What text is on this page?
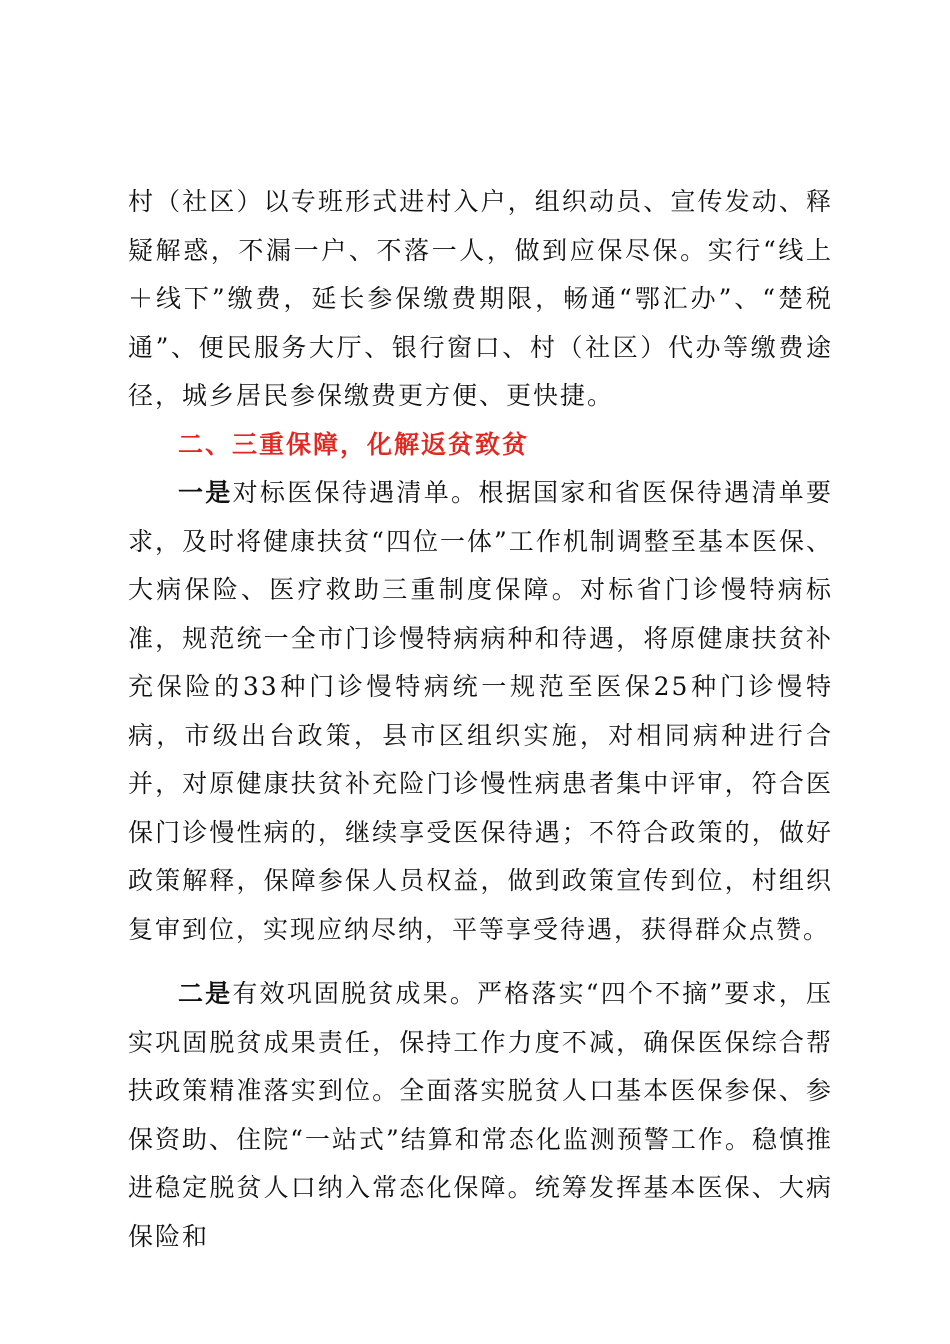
村（社区）以专班形式进村入户，组织动员、宣传发动、释疑解惑，不漏一户、不落一人，做到应保尽保。实行“线上＋线下”缴费，延长参保缴费期限，畅通“鄂汇办”、“楚税通”、便民服务大厅、银行窗口、村（社区）代办等缴费途径，城乡居民参保缴费更方便、更快捷。

二、三重保障，化解返贫致贫

一是对标医保待遇清单。根据国家和省医保待遇清单要求，及时将健康扶贫“四位一体”工作机制调整至基本医保、大病保险、医疗救助三重制度保障。对标省门诊慢特病标准，规范统一全市门诊慢特病病种和待遇，将原健康扶贫补充保险的33种门诊慢特病统一规范至医保25种门诊慢特病，市级出台政策，县市区组织实施，对相同病种进行合并，对原健康扶贫补充险门诊慢性病患者集中评审，符合医保门诊慢性病的，继续享受医保待遇；不符合政策的，做好政策解释，保障参保人员权益，做到政策宣传到位，村组织复审到位，实现应纳尽纳，平等享受待遇，获得群众点赞。

二是有效巩固脱贫成果。严格落实“四个不摘”要求，压实巩固脱贫成果责任，保持工作力度不减，确保医保综合帮扶政策精准落实到位。全面落实脱贫人口基本医保参保、参保资助、住院“一站式”结算和常态化监测预警工作。稳慎推进稳定脱贫人口纳入常态化保障。统筹发挥基本医保、大病保险和
